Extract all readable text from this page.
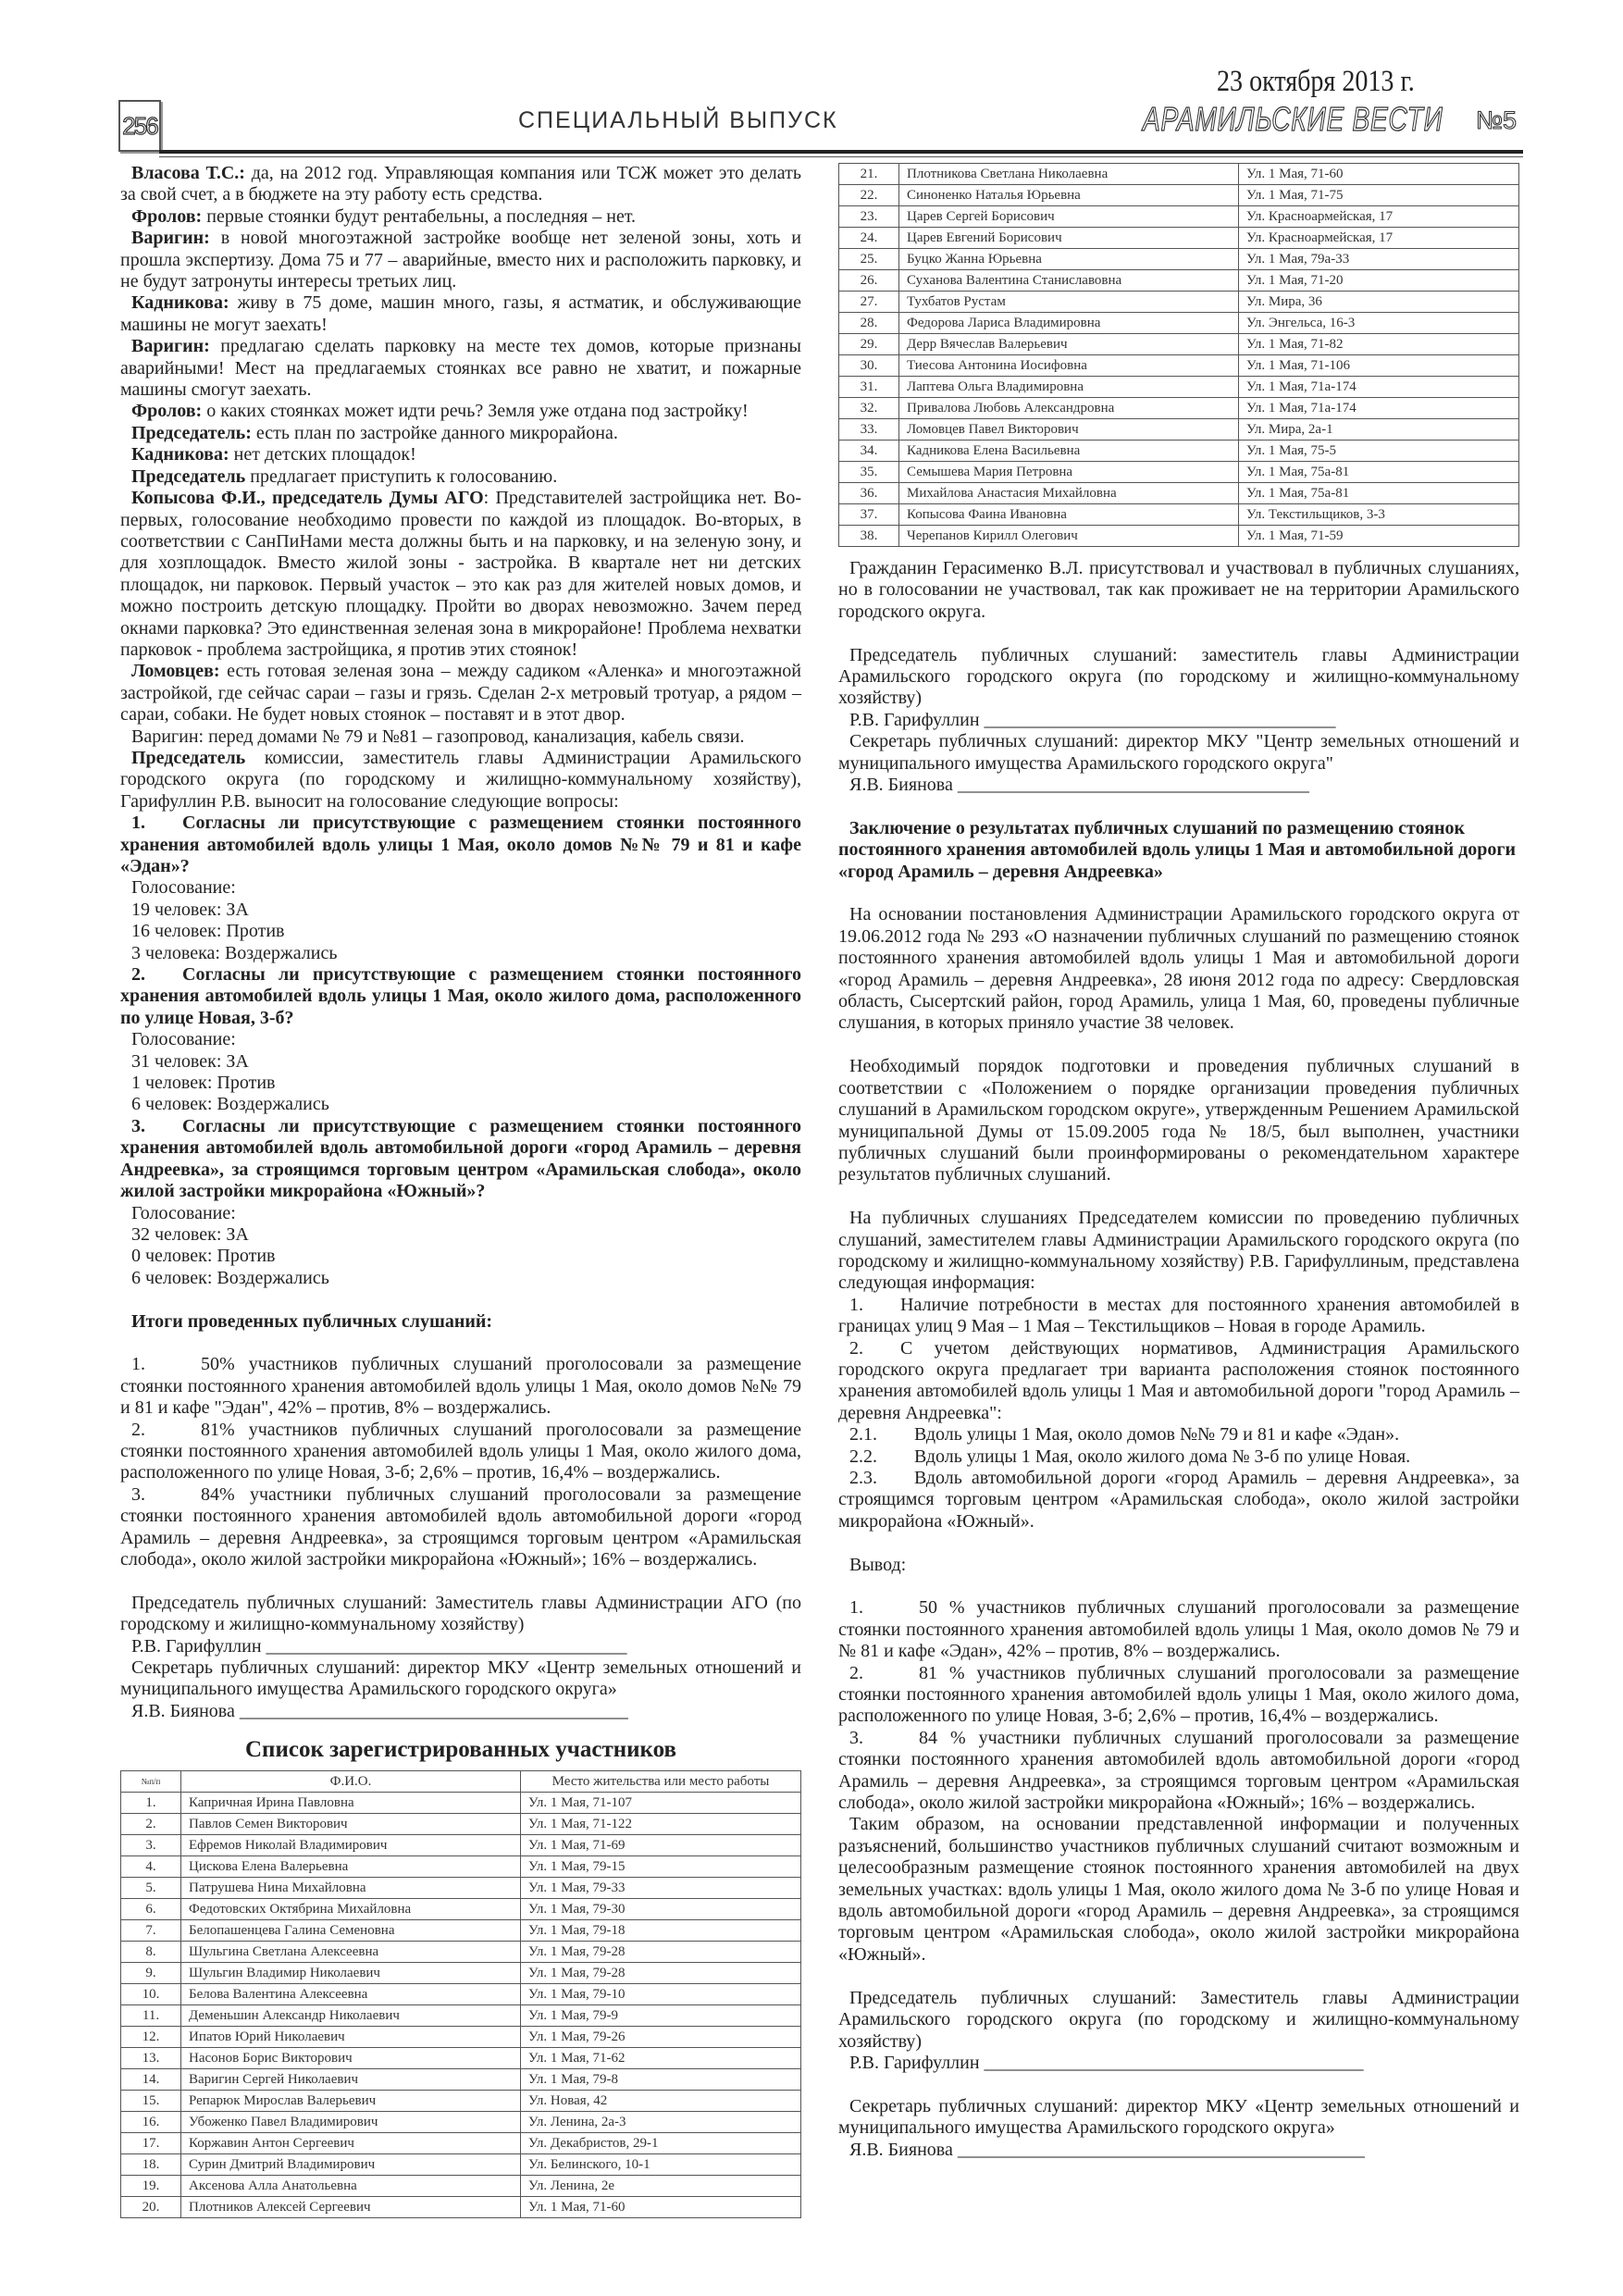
256	СПЕЦИАЛЬНЫЙ ВЫПУСК
23 октября 2013 г.
АРАМИЛЬСКИЕ ВЕСТИ №5

Власова Т.С.: да, на 2012 год. Управляющая компания или ТСЖ может это делать за свой счет, а в бюджете на эту работу есть средства.

Фролов: первые стоянки будут рентабельны, а последняя – нет.

Варигин: в новой многоэтажной застройке вообще нет зеленой зоны, хоть и прошла экспертизу. Дома 75 и 77 – аварийные, вместо них и расположить парковку, и не будут затронуты интересы третьих лиц.

Кадникова: живу в 75 доме, машин много, газы, я астматик, и обслуживающие машины не могут заехать!

Варигин: предлагаю сделать парковку на месте тех домов, которые признаны аварийными! Мест на предлагаемых стоянках все равно не хватит, и пожарные машины смогут заехать.

Фролов: о каких стоянках может идти речь? Земля уже отдана под застройку!

Председатель: есть план по застройке данного микрорайона.

Кадникова: нет детских площадок!

Председатель предлагает приступить к голосованию.

Копысова Ф.И., председатель Думы АГО: Представителей застройщика нет. Во-первых, голосование необходимо провести по каждой из площадок. Во-вторых, в соответствии с СанПиНами места должны быть и на парковку, и на зеленую зону, и для хозплощадок. Вместо жилой зоны - застройка. В квартале нет ни детских площадок, ни парковок. Первый участок – это как раз для жителей новых домов, и можно построить детскую площадку. Пройти во дворах невозможно. Зачем перед окнами парковка? Это единственная зеленая зона в микрорайоне! Проблема нехватки парковок - проблема застройщика, я против этих стоянок!

Ломовцев: есть готовая зеленая зона – между садиком «Аленка» и многоэтажной застройкой, где сейчас сараи – газы и грязь. Сделан 2-х метровый тротуар, а рядом – сараи, собаки. Не будет новых стоянок – поставят и в этот двор.

Варигин: перед домами № 79 и №81 – газопровод, канализация, кабель связи.

Председатель комиссии, заместитель главы Администрации Арамильского городского округа (по городскому и жилищно-коммунальному хозяйству), Гарифуллин Р.В. выносит на голосование следующие вопросы:

1.  Согласны ли присутствующие с размещением стоянки постоянного хранения автомобилей вдоль улицы 1 Мая, около домов №№ 79 и 81 и кафе «Эдан»?

Голосование:

19 человек: ЗА

16 человек: Против

3 человека: Воздержались

2.  Согласны ли присутствующие с размещением стоянки постоянного хранения автомобилей вдоль улицы 1 Мая, около жилого дома, расположенного по улице Новая, 3-б?

Голосование:

31 человек: ЗА

1 человек: Против

6 человек: Воздержались

3.  Согласны ли присутствующие с размещением стоянки постоянного хранения автомобилей вдоль автомобильной дороги «город Арамиль – деревня Андреевка», за строящимся торговым центром «Арамильская слобода», около жилой застройки микрорайона «Южный»?

Голосование:

32 человек: ЗА

0 человек: Против

6 человек: Воздержались

Итоги проведенных публичных слушаний:

1.   50% участников публичных слушаний проголосовали за размещение стоянки постоянного хранения автомобилей вдоль улицы 1 Мая, около домов №№ 79 и 81 и кафе "Эдан", 42% – против, 8% – воздержались.

2.   81% участников публичных слушаний проголосовали за размещение стоянки постоянного хранения автомобилей вдоль улицы 1 Мая, около жилого дома, расположенного по улице Новая, 3-б; 2,6% – против, 16,4% – воздержались.

3.   84% участники публичных слушаний проголосовали за размещение стоянки постоянного хранения автомобилей вдоль автомобильной дороги «город Арамиль – деревня Андреевка», за строящимся торговым центром «Арамильская слобода», около жилой застройки микрорайона «Южный»; 16% – воздержались.

Председатель публичных слушаний: Заместитель главы Администрации АГО (по городскому и жилищно-коммунальному хозяйству)

Р.В. Гарифуллин _______________________________________

Секретарь публичных слушаний: директор МКУ «Центр земельных отношений и муниципального имущества Арамильского городского округа»

Я.В. Биянова __________________________________________

Список зарегистрированных участников
№п/п	Ф.И.О.	Место жительства или место работы
1.	Капричная Ирина Павловна	Ул. 1 Мая, 71-107
2.	Павлов Семен Викторович	Ул. 1 Мая, 71-122
3.	Ефремов Николай Владимирович	Ул. 1 Мая, 71-69
4.	Цискова Елена Валерьевна	Ул. 1 Мая, 79-15
5.	Патрушева Нина Михайловна	Ул. 1 Мая, 79-33
6.	Федотовских Октябрина Михайловна	Ул. 1 Мая, 79-30
7.	Белопашенцева Галина Семеновна	Ул. 1 Мая, 79-18
8.	Шульгина Светлана Алексеевна	Ул. 1 Мая, 79-28
9.	Шульгин Владимир Николаевич	Ул. 1 Мая, 79-28
10.	Белова Валентина Алексеевна	Ул. 1 Мая, 79-10
11.	Деменьшин Александр Николаевич	Ул. 1 Мая, 79-9
12.	Ипатов Юрий Николаевич	Ул. 1 Мая, 79-26
13.	Насонов Борис Викторович	Ул. 1 Мая, 71-62
14.	Варигин Сергей Николаевич	Ул. 1 Мая, 79-8
15.	Репарюк Мирослав Валерьевич	Ул. Новая, 42
16.	Убоженко Павел Владимирович	Ул. Ленина, 2а-3
17.	Коржавин Антон Сергеевич	Ул. Декабристов, 29-1
18.	Сурин Дмитрий Владимирович	Ул. Белинского, 10-1
19.	Аксенова Алла Анатольевна	Ул. Ленина, 2е
20.	Плотников Алексей Сергеевич	Ул. 1 Мая, 71-60
21.	Плотникова Светлана Николаевна	Ул. 1 Мая, 71-60
22.	Синоненко Наталья Юрьевна	Ул. 1 Мая, 71-75
23.	Царев Сергей Борисович	Ул. Красноармейская, 17
24.	Царев Евгений Борисович	Ул. Красноармейская, 17
25.	Буцко Жанна Юрьевна	Ул. 1 Мая, 79а-33
26.	Суханова Валентина Станиславовна	Ул. 1 Мая, 71-20
27.	Тухбатов Рустам	Ул. Мира, 36
28.	Федорова Лариса Владимировна	Ул. Энгельса, 16-3
29.	Дерр Вячеслав Валерьевич	Ул. 1 Мая, 71-82
30.	Тиесова Антонина Иосифовна	Ул. 1 Мая, 71-106
31.	Лаптева Ольга Владимировна	Ул. 1 Мая, 71а-174
32.	Привалова Любовь Александровна	Ул. 1 Мая, 71а-174
33.	Ломовцев Павел Викторович	Ул. Мира, 2а-1
34.	Кадникова Елена Васильевна	Ул. 1 Мая, 75-5
35.	Семышева Мария Петровна	Ул. 1 Мая, 75а-81
36.	Михайлова Анастасия Михайловна	Ул. 1 Мая, 75а-81
37.	Копысова Фаина Ивановна	Ул. Текстильщиков, 3-3
38.	Черепанов Кирилл Олегович	Ул. 1 Мая, 71-59

Гражданин Герасименко В.Л. присутствовал и участвовал в публичных слушаниях, но в голосовании не участвовал, так как проживает не на территории Арамильского городского округа.

Председатель публичных слушаний: заместитель главы Администрации Арамильского городского округа (по городскому и жилищно-коммунальному хозяйству)

Р.В. Гарифуллин ______________________________________

Секретарь публичных слушаний: директор МКУ "Центр земельных отношений и муниципального имущества Арамильского городского округа"

Я.В. Биянова ______________________________________

Заключение о результатах публичных слушаний по размещению стоянок постоянного хранения автомобилей вдоль улицы 1 Мая и автомобильной дороги «город Арамиль – деревня Андреевка»

На основании постановления Администрации Арамильского городского округа от 19.06.2012 года № 293 «О назначении публичных слушаний по размещению стоянок постоянного хранения автомобилей вдоль улицы 1 Мая и автомобильной дороги «город Арамиль – деревня Андреевка», 28 июня 2012 года по адресу: Свердловская область, Сысертский район, город Арамиль, улица 1 Мая, 60, проведены публичные слушания, в которых приняло участие 38 человек.

Необходимый порядок подготовки и проведения публичных слушаний в соответствии с «Положением о порядке организации проведения публичных слушаний в Арамильском городском округе», утвержденным Решением Арамильской муниципальной Думы от 15.09.2005 года № 18/5, был выполнен, участники публичных слушаний были проинформированы о рекомендательном характере результатов публичных слушаний.

На публичных слушаниях Председателем комиссии по проведению публичных слушаний, заместителем главы Администрации Арамильского городского округа (по городскому и жилищно-коммунальному хозяйству) Р.В. Гарифуллиным, представлена следующая информация:

1.  Наличие потребности в местах для постоянного хранения автомобилей в границах улиц 9 Мая – 1 Мая – Текстильщиков – Новая в городе Арамиль.

2.  С учетом действующих нормативов, Администрация Арамильского городского округа предлагает три варианта расположения стоянок постоянного хранения автомобилей вдоль улицы 1 Мая и автомобильной дороги "город Арамиль – деревня Андреевка":

2.1.  Вдоль улицы 1 Мая, около домов №№ 79 и 81 и кафе «Эдан».

2.2.  Вдоль улицы 1 Мая, около жилого дома № 3-б по улице Новая.

2.3.  Вдоль автомобильной дороги «город Арамиль – деревня Андреевка», за строящимся торговым центром «Арамильская слобода», около жилой застройки микрорайона «Южный».

Вывод:

1.   50 % участников публичных слушаний проголосовали за размещение стоянки постоянного хранения автомобилей вдоль улицы 1 Мая, около домов № 79 и № 81 и кафе «Эдан», 42% – против, 8% – воздержались.

2.   81 % участников публичных слушаний проголосовали за размещение стоянки постоянного хранения автомобилей вдоль улицы 1 Мая, около жилого дома, расположенного по улице Новая, 3-б; 2,6% – против, 16,4% – воздержались.

3.   84 % участники публичных слушаний проголосовали за размещение стоянки постоянного хранения автомобилей вдоль автомобильной дороги «город Арамиль – деревня Андреевка», за строящимся торговым центром «Арамильская слобода», около жилой застройки микрорайона «Южный»; 16% – воздержались.

Таким образом, на основании представленной информации и полученных разъяснений, большинство участников публичных слушаний считают возможным и целесообразным размещение стоянок постоянного хранения автомобилей на двух земельных участках: вдоль улицы 1 Мая, около жилого дома № 3-б по улице Новая и вдоль автомобильной дороги «город Арамиль – деревня Андреевка», за строящимся торговым центром «Арамильская слобода», около жилой застройки микрорайона «Южный».

Председатель публичных слушаний: Заместитель главы Администрации Арамильского городского округа (по городскому и жилищно-коммунальному хозяйству)

Р.В. Гарифуллин _________________________________________

Секретарь публичных слушаний: директор МКУ «Центр земельных отношений и муниципального имущества Арамильского городского округа»

Я.В. Биянова ____________________________________________
